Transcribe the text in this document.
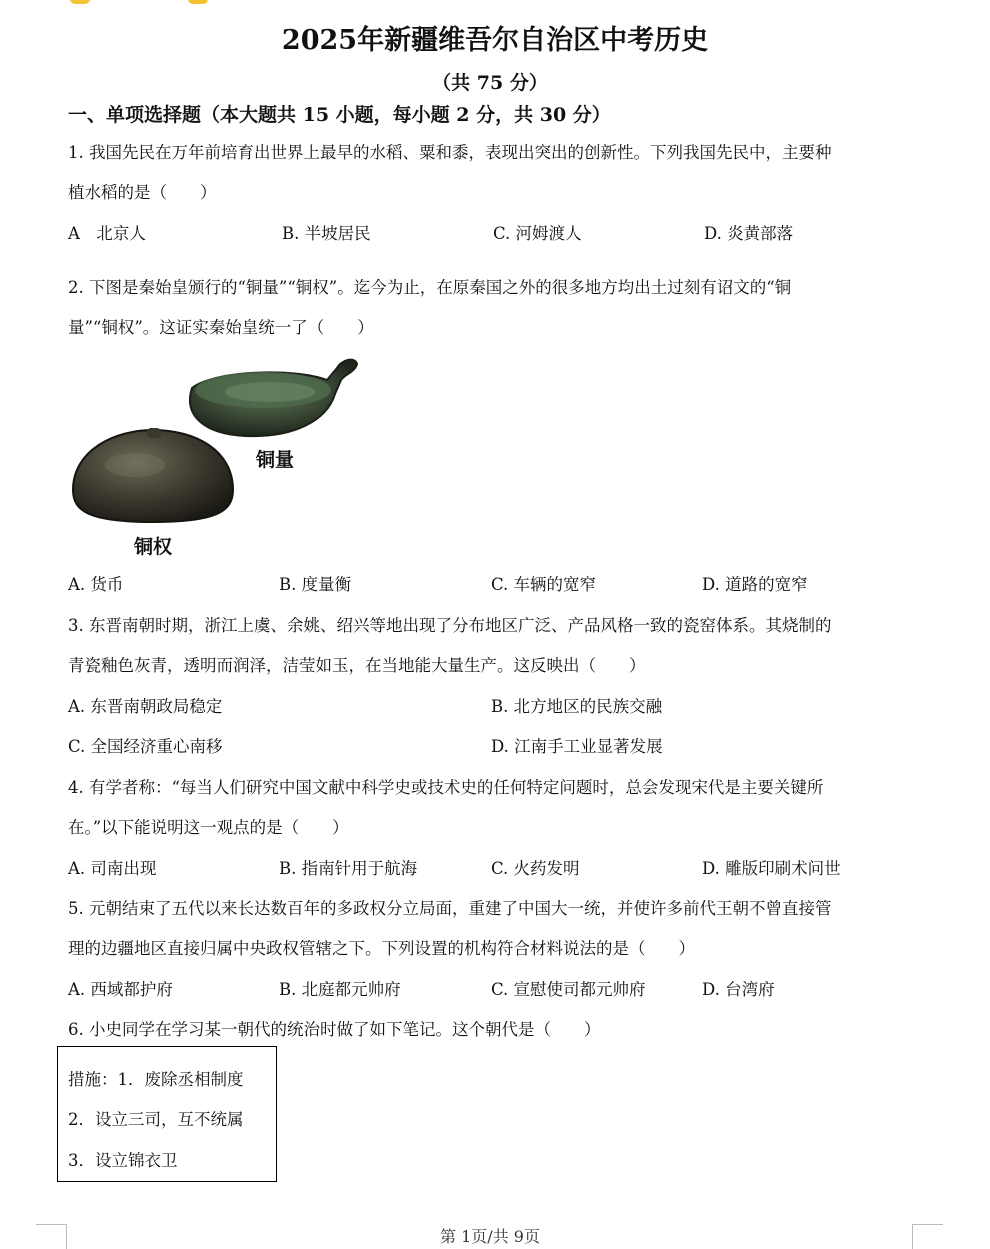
2025年新疆维吾尔自治区中考历史
（共 75 分）
一、单项选择题（本大题共 15 小题，每小题 2 分，共 30 分）
1. 我国先民在万年前培育出世界上最早的水稻、粟和黍，表现出突出的创新性。下列我国先民中，主要种
植水稻的是（　　）
A　北京人	B. 半坡居民	C. 河姆渡人	D. 炎黄部落
2. 下图是秦始皇颁行的“铜量”“铜权”。迄今为止，在原秦国之外的很多地方均出土过刻有诏文的“铜
量”“铜权”。这证实秦始皇统一了（　　）
铜量
铜权
A. 货币	B. 度量衡	C. 车辆的宽窄	D. 道路的宽窄
3. 东晋南朝时期，浙江上虞、余姚、绍兴等地出现了分布地区广泛、产品风格一致的瓷窑体系。其烧制的
青瓷釉色灰青，透明而润泽，洁莹如玉，在当地能大量生产。这反映出（　　）
A. 东晋南朝政局稳定	B. 北方地区的民族交融
C. 全国经济重心南移	D. 江南手工业显著发展
4. 有学者称：“每当人们研究中国文献中科学史或技术史的任何特定问题时，总会发现宋代是主要关键所
在。”以下能说明这一观点的是（　　）
A. 司南出现	B. 指南针用于航海	C. 火药发明	D. 雕版印刷术问世
5. 元朝结束了五代以来长达数百年的多政权分立局面，重建了中国大一统，并使许多前代王朝不曾直接管
理的边疆地区直接归属中央政权管辖之下。下列设置的机构符合材料说法的是（　　）
A. 西域都护府	B. 北庭都元帅府	C. 宣慰使司都元帅府	D. 台湾府
6. 小史同学在学习某一朝代的统治时做了如下笔记。这个朝代是（　　）
措施：1．废除丞相制度
2．设立三司，互不统属
3．设立锦衣卫
第 1页/共 9页
